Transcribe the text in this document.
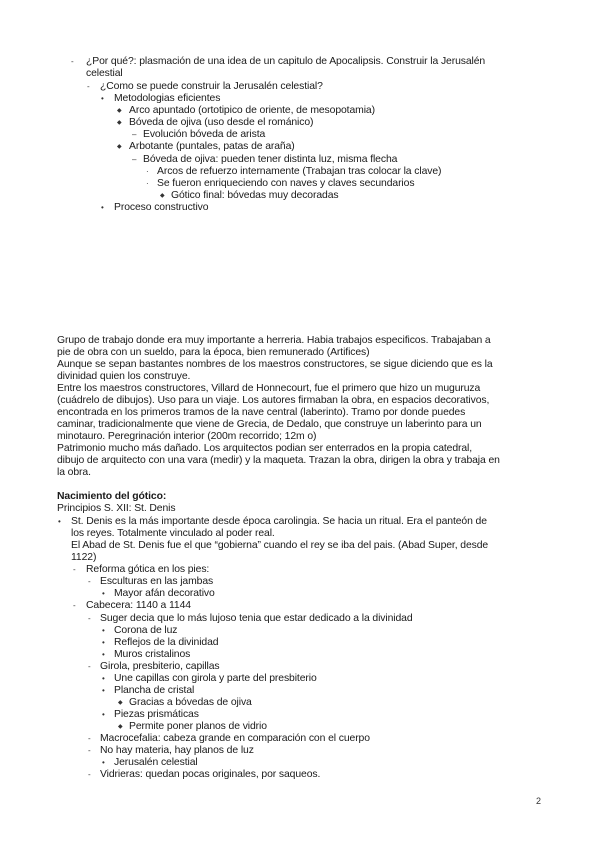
- ¿Por qué?: plasmación de una idea de un capitulo de Apocalipsis. Construir la Jerusalén
celestial
- ¿Como se puede construir la Jerusalén celestial?
• Metodologias eficientes
◆ Arco apuntado (ortotipico de oriente, de mesopotamia)
◆ Bóveda de ojiva (uso desde el románico)
– Evolución bóveda de arista
◆ Arbotante (puntales, patas de araña)
– Bóveda de ojiva: pueden tener distinta luz, misma flecha
· Arcos de refuerzo internamente (Trabajan tras colocar la clave)
· Se fueron enriqueciendo con naves y claves secundarios
◆ Gótico final: bóvedas muy decoradas
• Proceso constructivo
Grupo de trabajo donde era muy importante a herreria. Habia trabajos especificos. Trabajaban a
pie de obra con un sueldo, para la época, bien remunerado (Artifices)
Aunque se sepan bastantes nombres de los maestros constructores, se sigue diciendo que es la
divinidad quien los construye.
Entre los maestros constructores, Villard de Honnecourt, fue el primero que hizo un muguruza
(cuádrelo de dibujos). Uso para un viaje. Los autores firmaban la obra, en espacios decorativos,
encontrada en los primeros tramos de la nave central (laberinto). Tramo por donde puedes
caminar, tradicionalmente que viene de Grecia, de Dedalo, que construye un laberinto para un
minotauro. Peregrinación interior (200m recorrido; 12m o)
Patrimonio mucho más dañado. Los arquitectos podian ser enterrados en la propia catedral,
dibujo de arquitecto con una vara (medir) y la maqueta. Trazan la obra, dirigen la obra y trabaja en
la obra.
Nacimiento del gótico:
Principios S. XII: St. Denis
• St. Denis es la más importante desde época carolingia. Se hacia un ritual. Era el panteón de
los reyes. Totalmente vinculado al poder real.
El Abad de St. Denis fue el que “gobierna” cuando el rey se iba del pais. (Abad Super, desde
1122)
- Reforma gótica en los pies:
- Esculturas en las jambas
• Mayor afán decorativo
- Cabecera: 1140 a 1144
- Suger decia que lo más lujoso tenia que estar dedicado a la divinidad
• Corona de luz
• Reflejos de la divinidad
• Muros cristalinos
- Girola, presbiterio, capillas
• Une capillas con girola y parte del presbiterio
• Plancha de cristal
◆ Gracias a bóvedas de ojiva
• Piezas prismáticas
◆ Permite poner planos de vidrio
- Macrocefalia: cabeza grande en comparación con el cuerpo
- No hay materia, hay planos de luz
• Jerusalén celestial
- Vidrieras: quedan pocas originales, por saqueos.
2
